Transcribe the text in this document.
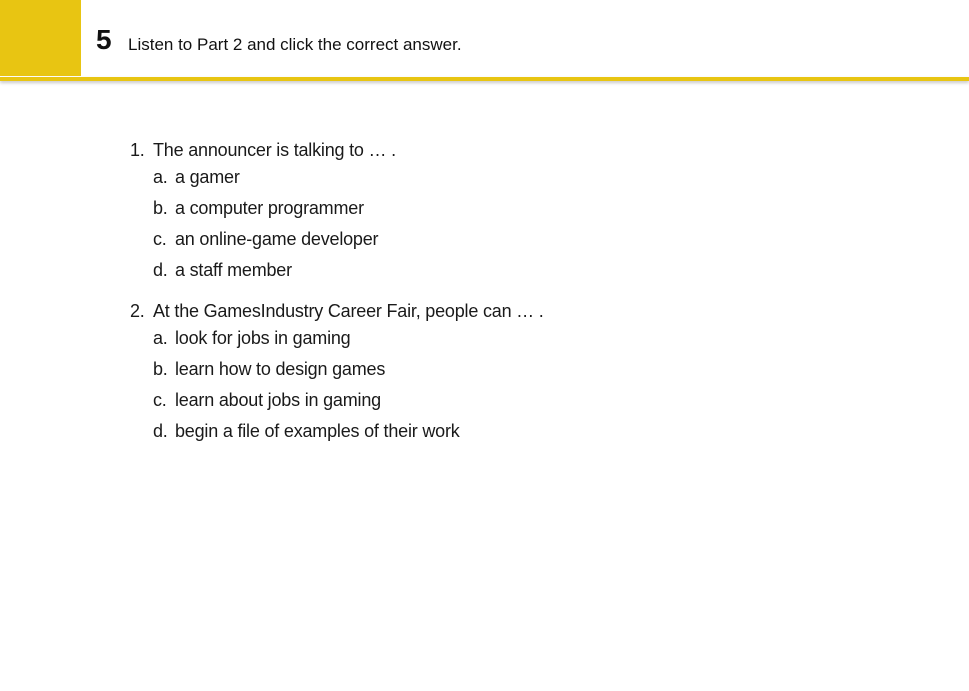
5 Listen to Part 2 and click the correct answer.
1. The announcer is talking to … .
a. a gamer
b. a computer programmer
c. an online-game developer
d. a staff member
2. At the GamesIndustry Career Fair, people can … .
a. look for jobs in gaming
b. learn how to design games
c. learn about jobs in gaming
d. begin a file of examples of their work
